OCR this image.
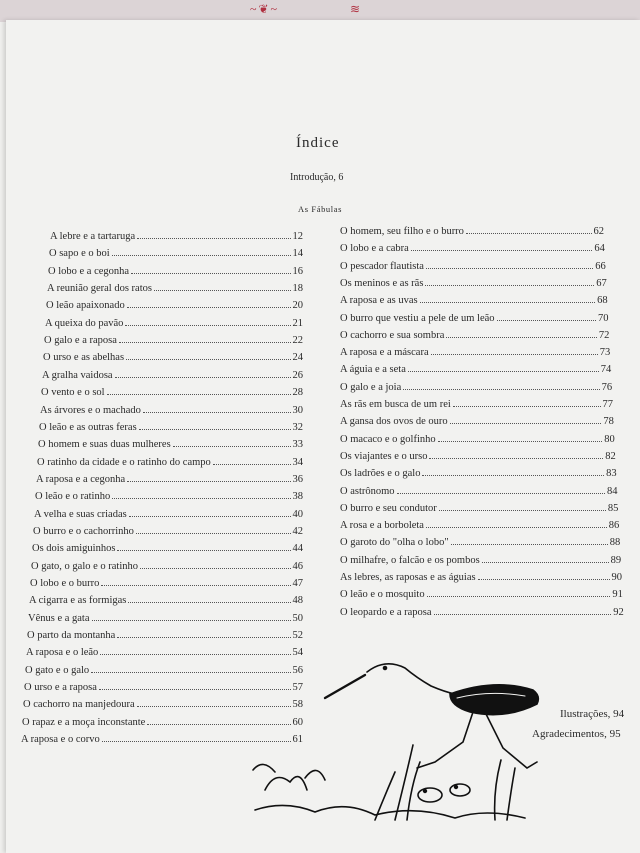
~❦~	≋
Índice
Introdução, 6
As Fábulas
A lebre e a tartaruga	12
O sapo e o boi	14
O lobo e a cegonha	16
A reunião geral dos ratos	18
O leão apaixonado	20
A queixa do pavão	21
O galo e a raposa	22
O urso e as abelhas	24
A gralha vaidosa	26
O vento e o sol	28
As árvores e o machado	30
O leão e as outras feras	32
O homem e suas duas mulheres	33
O ratinho da cidade e o ratinho do campo	34
A raposa e a cegonha	36
O leão e o ratinho	38
A velha e suas criadas	40
O burro e o cachorrinho	42
Os dois amiguinhos	44
O gato, o galo e o ratinho	46
O lobo e o burro	47
A cigarra e as formigas	48
Vênus e a gata	50
O parto da montanha	52
A raposa e o leão	54
O gato e o galo	56
O urso e a raposa	57
O cachorro na manjedoura	58
O rapaz e a moça inconstante	60
A raposa e o corvo	61
O homem, seu filho e o burro	62
O lobo e a cabra	64
O pescador flautista	66
Os meninos e as rãs	67
A raposa e as uvas	68
O burro que vestiu a pele de um leão	70
O cachorro e sua sombra	72
A raposa e a máscara	73
A águia e a seta	74
O galo e a joia	76
As rãs em busca de um rei	77
A gansa dos ovos de ouro	78
O macaco e o golfinho	80
Os viajantes e o urso	82
Os ladrões e o galo	83
O astrônomo	84
O burro e seu condutor	85
A rosa e a borboleta	86
O garoto do "olha o lobo"	88
O milhafre, o falcão e os pombos	89
As lebres, as raposas e as águias	90
O leão e o mosquito	91
O leopardo e a raposa	92
Ilustrações, 94
Agradecimentos, 95
